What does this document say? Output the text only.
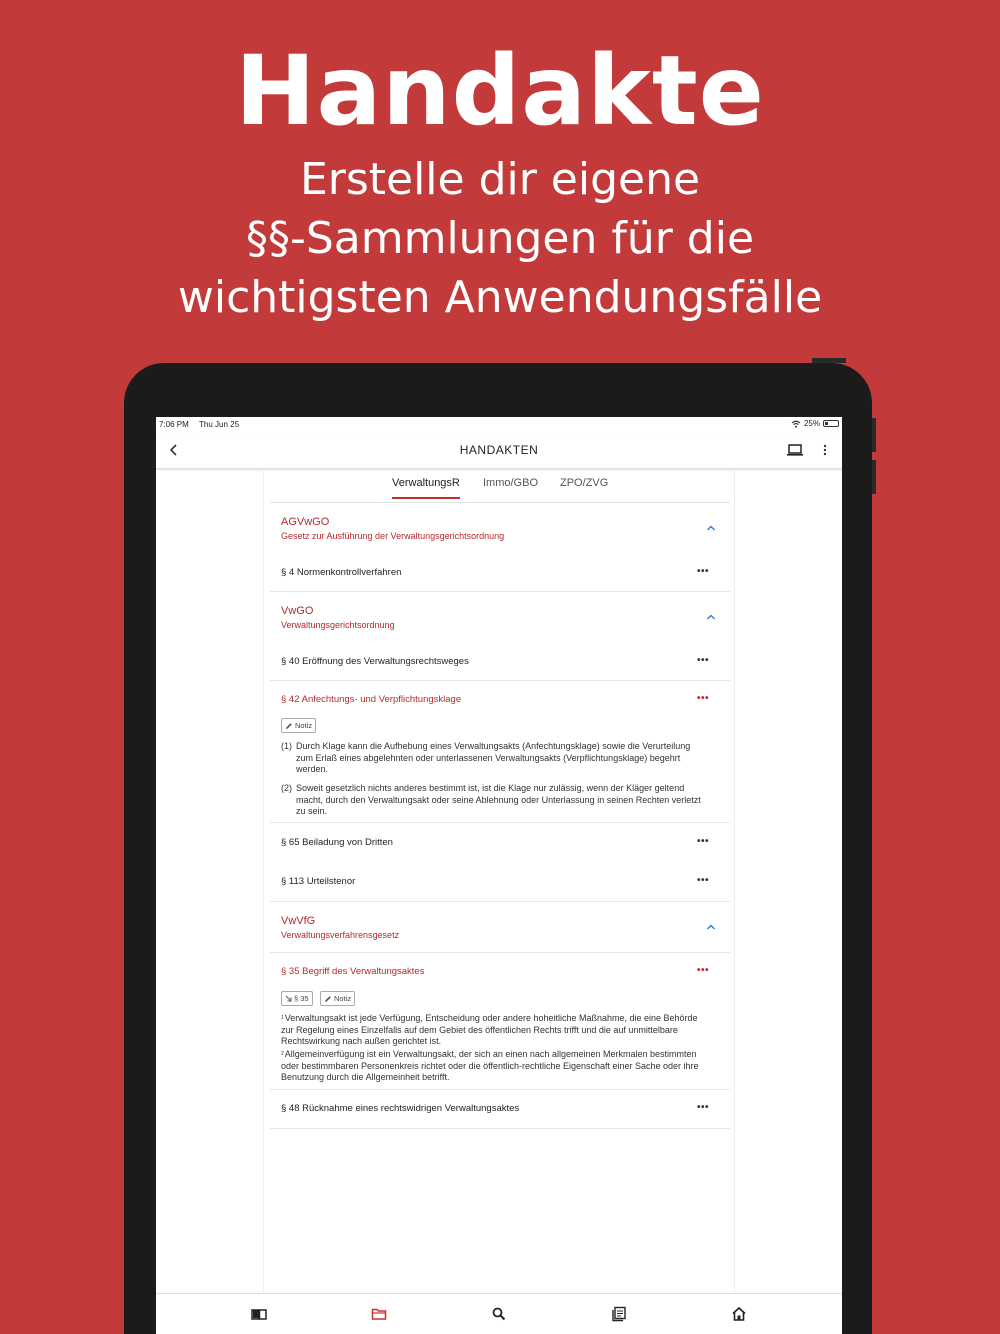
Handakte
Erstelle dir eigene
§§-Sammlungen für die
wichtigsten Anwendungsfälle
7:06 PM Thu Jun 25	25%
HANDAKTEN
VerwaltungsR Immo/GBO ZPO/ZVG
AGVwGO
Gesetz zur Ausführung der Verwaltungsgerichtsordnung
§ 4 Normenkontrollverfahren	•••
VwGO
Verwaltungsgerichtsordnung
§ 40 Eröffnung des Verwaltungsrechtsweges	•••
§ 42 Anfechtungs- und Verpflichtungsklage	•••
Notiz
(1) Durch Klage kann die Aufhebung eines Verwaltungsakts (Anfechtungsklage) sowie die Verurteilung zum Erlaß eines abgelehnten oder unterlassenen Verwaltungsakts (Verpflichtungsklage) begehrt werden.
(2) Soweit gesetzlich nichts anderes bestimmt ist, ist die Klage nur zulässig, wenn der Kläger geltend macht, durch den Verwaltungsakt oder seine Ablehnung oder Unterlassung in seinen Rechten verletzt zu sein.
§ 65 Beiladung von Dritten	•••
§ 113 Urteilstenor	•••
VwVfG
Verwaltungsverfahrensgesetz
§ 35 Begriff des Verwaltungsaktes	•••
§ 35	Notiz
$^1$Verwaltungsakt ist jede Verfügung, Entscheidung oder andere hoheitliche Maßnahme, die eine Behörde zur Regelung eines Einzelfalls auf dem Gebiet des öffentlichen Rechts trifft und die auf unmittelbare Rechtswirkung nach außen gerichtet ist.
$^2$Allgemeinverfügung ist ein Verwaltungsakt, der sich an einen nach allgemeinen Merkmalen bestimmten oder bestimmbaren Personenkreis richtet oder die öffentlich-rechtliche Eigenschaft einer Sache oder ihre Benutzung durch die Allgemeinheit betrifft.
§ 48 Rücknahme eines rechtswidrigen Verwaltungsaktes	•••
